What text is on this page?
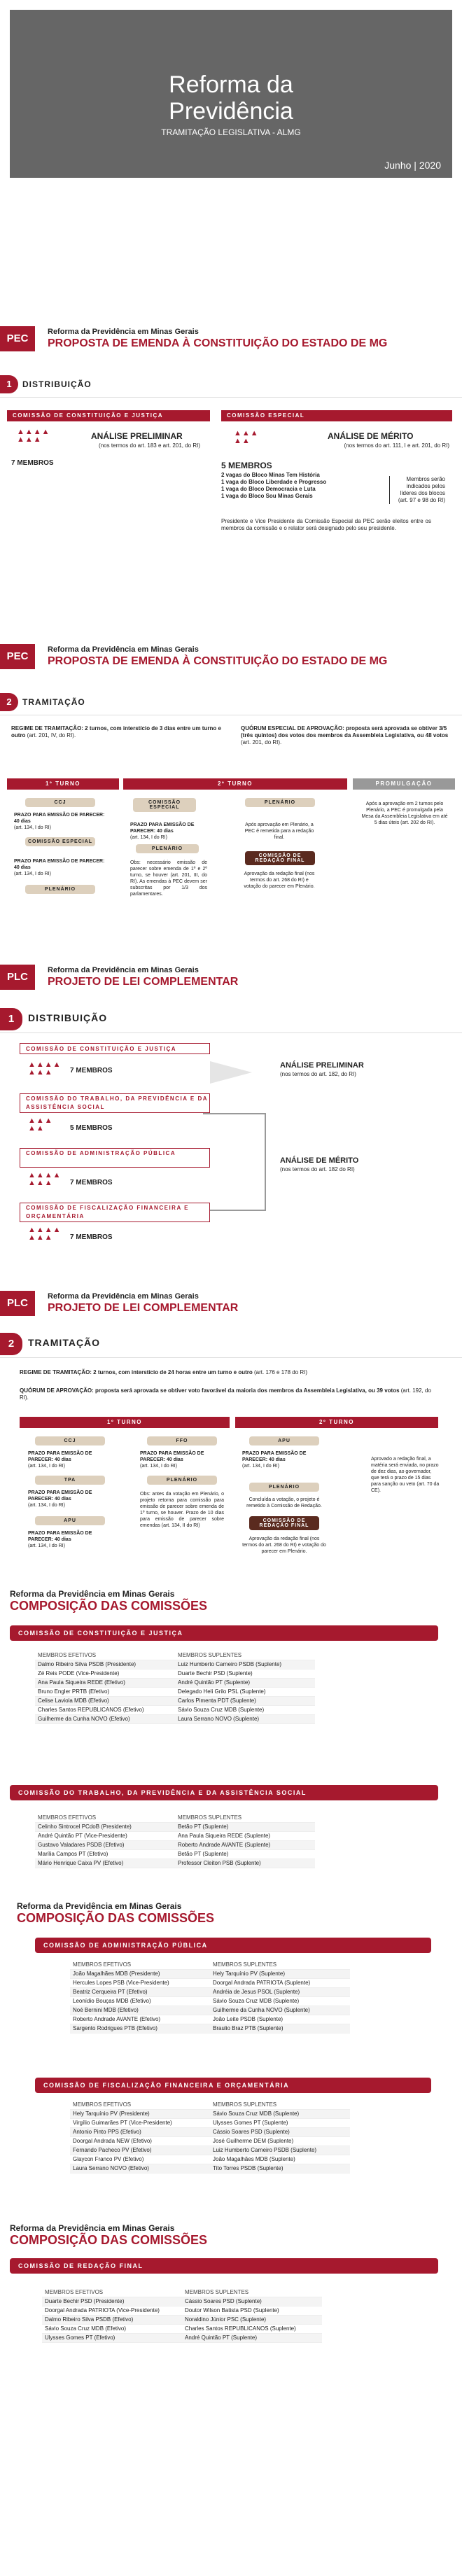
Reforma da
Previdência
TRAMITAÇÃO LEGISLATIVA - ALMG
Junho | 2020
PEC
Reforma da Previdência em Minas Gerais
PROPOSTA DE EMENDA À CONSTITUIÇÃO DO ESTADO DE MG
1	DISTRIBUIÇÃO
COMISSÃO DE CONSTITUIÇÃO E JUSTIÇA
▲▲▲▲
▲▲▲
7 MEMBROS
ANÁLISE PRELIMINAR
(nos termos do art. 183 e art. 201, do RI)
COMISSÃO ESPECIAL
▲▲▲
▲▲
5 MEMBROS
ANÁLISE DE MÉRITO
(nos termos do art. 111, I e art. 201, do RI)
2 vagas do Bloco Minas Tem História
1 vaga do Bloco Liberdade e Progresso
1 vaga do Bloco Democracia e Luta
1 vaga do Bloco Sou Minas Gerais
Membros serão indicados pelos líderes dos blocos (art. 97 e 98 do RI)
Presidente e Vice Presidente da Comissão Especial da PEC serão eleitos entre os membros da comissão e o relator será designado pelo seu presidente.
PEC
Reforma da Previdência em Minas Gerais
PROPOSTA DE EMENDA À CONSTITUIÇÃO DO ESTADO DE MG
2	TRAMITAÇÃO
REGIME DE TRAMITAÇÃO: 2 turnos, com interstício de 3 dias entre um turno e outro (art. 201, IV, do RI).
QUÓRUM ESPECIAL DE APROVAÇÃO: proposta será aprovada se obtiver 3/5 (três quintos) dos votos dos membros da Assembleia Legislativa, ou 48 votos (art. 201, do RI).
1º TURNO	2º TURNO	PROMULGAÇÃO
CCJ
PRAZO PARA EMISSÃO DE PARECER: 40 dias
(art. 134, I do RI)
COMISSÃO ESPECIAL
PRAZO PARA EMISSÃO DE PARECER: 40 dias
(art. 134, I do RI)
PLENÁRIO
COMISSÃO ESPECIAL
PRAZO PARA EMISSÃO DE PARECER: 40 dias
(art. 134, I do RI)
PLENÁRIO
Obs: necessário emissão de parecer sobre emenda de 1º e 2º turno, se houver (art. 201, III, do RI). As emendas à PEC devem ser subscritas por 1/3 dos parlamentares.
PLENÁRIO
Após aprovação em Plenário, a PEC é remetida para a redação final.
COMISSÃO DE REDAÇÃO FINAL
Aprovação da redação final (nos termos do art. 268 do RI) e votação do parecer em Plenário.
Após a aprovação em 2 turnos pelo Plenário, a PEC é promulgada pela Mesa da Assembleia Legislativa em até 5 dias úteis (art. 202 do RI).
PLC
Reforma da Previdência em Minas Gerais
PROJETO DE LEI COMPLEMENTAR
1	DISTRIBUIÇÃO
COMISSÃO DE CONSTITUIÇÃO E JUSTIÇA
▲▲▲▲
▲▲▲	7 MEMBROS
ANÁLISE PRELIMINAR
(nos termos do art. 182, do RI)
COMISSÃO DO TRABALHO, DA PREVIDÊNCIA E DA ASSISTÊNCIA SOCIAL
▲▲▲
▲▲	5 MEMBROS
COMISSÃO DE ADMINISTRAÇÃO PÚBLICA
▲▲▲▲
▲▲▲	7 MEMBROS
ANÁLISE DE MÉRITO
(nos termos do art. 182 do RI)
COMISSÃO DE FISCALIZAÇÃO FINANCEIRA E ORÇAMENTÁRIA
▲▲▲▲
▲▲▲	7 MEMBROS
PLC
Reforma da Previdência em Minas Gerais
PROJETO DE LEI COMPLEMENTAR
2	TRAMITAÇÃO
REGIME DE TRAMITAÇÃO: 2 turnos, com interstício de 24 horas entre um turno e outro (art. 176 e 178 do RI)
QUÓRUM DE APROVAÇÃO: proposta será aprovada se obtiver voto favorável da maioria dos membros da Assembleia Legislativa, ou 39 votos (art. 192, do RI).
1º TURNO	2º TURNO
CCJ
PRAZO PARA EMISSÃO DE PARECER: 40 dias
(art. 134, I do RI)
TPA
PRAZO PARA EMISSÃO DE PARECER: 40 dias
(art. 134, I do RI)
APU
PRAZO PARA EMISSÃO DE PARECER: 40 dias
(art. 134, I do RI)
FFO
PRAZO PARA EMISSÃO DE PARECER: 40 dias
(art. 134, I do RI)
PLENÁRIO
Obs: antes da votação em Plenário, o projeto retorna para comissão para emissão de parecer sobre emenda de 1º turno, se houver. Prazo de 10 dias para emissão de parecer sobre emendas (art. 134, II do RI)
APU
PRAZO PARA EMISSÃO DE PARECER: 40 dias
(art. 134, I do RI)
PLENÁRIO
Concluída a votação, o projeto é remetido à Comissão de Redação.
COMISSÃO DE REDAÇÃO FINAL
Aprovação da redação final (nos termos do art. 268 do RI) e votação do parecer em Plenário.
Aprovado a redação final, a matéria será enviada, no prazo de dez dias, ao governador, que terá o prazo de 15 dias para sanção ou veto (art. 70 da CE).
Reforma da Previdência em Minas Gerais
COMPOSIÇÃO DAS COMISSÕES
COMISSÃO DE CONSTITUIÇÃO E JUSTIÇA
MEMBROS EFETIVOS	MEMBROS SUPLENTES
Dalmo Ribeiro Silva PSDB (Presidente)	Luiz Humberto Carneiro PSDB (Suplente)
Zé Reis PODE (Vice-Presidente)	Duarte Bechir PSD (Suplente)
Ana Paula Siqueira REDE (Efetivo)	André Quintão PT (Suplente)
Bruno Engler PRTB (Efetivo)	Delegado Heli Grilo PSL (Suplente)
Celise Laviola MDB (Efetivo)	Carlos Pimenta PDT (Suplente)
Charles Santos REPUBLICANOS (Efetivo)	Sávio Souza Cruz MDB (Suplente)
Guilherme da Cunha NOVO (Efetivo)	Laura Serrano NOVO (Suplente)
COMISSÃO DO TRABALHO, DA PREVIDÊNCIA E DA ASSISTÊNCIA SOCIAL
MEMBROS EFETIVOS	MEMBROS SUPLENTES
Celinho Sintrocel PCdoB (Presidente)	Betão PT (Suplente)
André Quintão PT (Vice-Presidente)	Ana Paula Siqueira REDE (Suplente)
Gustavo Valadares PSDB (Efetivo)	Roberto Andrade AVANTE (Suplente)
Marília Campos PT (Efetivo)	Betão PT (Suplente)
Mário Henrique Caixa PV (Efetivo)	Professor Cleiton PSB (Suplente)
Reforma da Previdência em Minas Gerais
COMPOSIÇÃO DAS COMISSÕES
COMISSÃO DE ADMINISTRAÇÃO PÚBLICA
MEMBROS EFETIVOS	MEMBROS SUPLENTES
João Magalhães MDB (Presidente)	Hely Tarquínio PV (Suplente)
Hercules Lopes PSB (Vice-Presidente)	Doorgal Andrada PATRIOTA (Suplente)
Beatriz Cerqueira PT (Efetivo)	Andréia de Jesus PSOL (Suplente)
Leonídio Bouças MDB (Efetivo)	Sávio Souza Cruz MDB (Suplente)
Noé Bernini MDB (Efetivo)	Guilherme da Cunha NOVO (Suplente)
Roberto Andrade AVANTE (Efetivo)	João Leite PSDB (Suplente)
Sargento Rodrigues PTB (Efetivo)	Braulio Braz PTB (Suplente)
COMISSÃO DE FISCALIZAÇÃO FINANCEIRA E ORÇAMENTÁRIA
MEMBROS EFETIVOS	MEMBROS SUPLENTES
Hely Tarquínio PV (Presidente)	Sávio Souza Cruz MDB (Suplente)
Virgílio Guimarães PT (Vice-Presidente)	Ulysses Gomes PT (Suplente)
Antonio Pinto PPS (Efetivo)	Cássio Soares PSD (Suplente)
Doorgal Andrada NEW (Efetivo)	José Guilherme DEM (Suplente)
Fernando Pacheco PV (Efetivo)	Luiz Humberto Carneiro PSDB (Suplente)
Glaycon Franco PV (Efetivo)	João Magalhães MDB (Suplente)
Laura Serrano NOVO (Efetivo)	Tito Torres PSDB (Suplente)
Reforma da Previdência em Minas Gerais
COMPOSIÇÃO DAS COMISSÕES
COMISSÃO DE REDAÇÃO FINAL
MEMBROS EFETIVOS	MEMBROS SUPLENTES
Duarte Bechir PSD (Presidente)	Cássio Soares PSD (Suplente)
Doorgal Andrada PATRIOTA (Vice-Presidente)	Doutor Wilson Batista PSD (Suplente)
Dalmo Ribeiro Silva PSDB (Efetivo)	Noraldino Júnior PSC (Suplente)
Sávio Souza Cruz MDB (Efetivo)	Charles Santos REPUBLICANOS (Suplente)
Ulysses Gomes PT (Efetivo)	André Quintão PT (Suplente)
